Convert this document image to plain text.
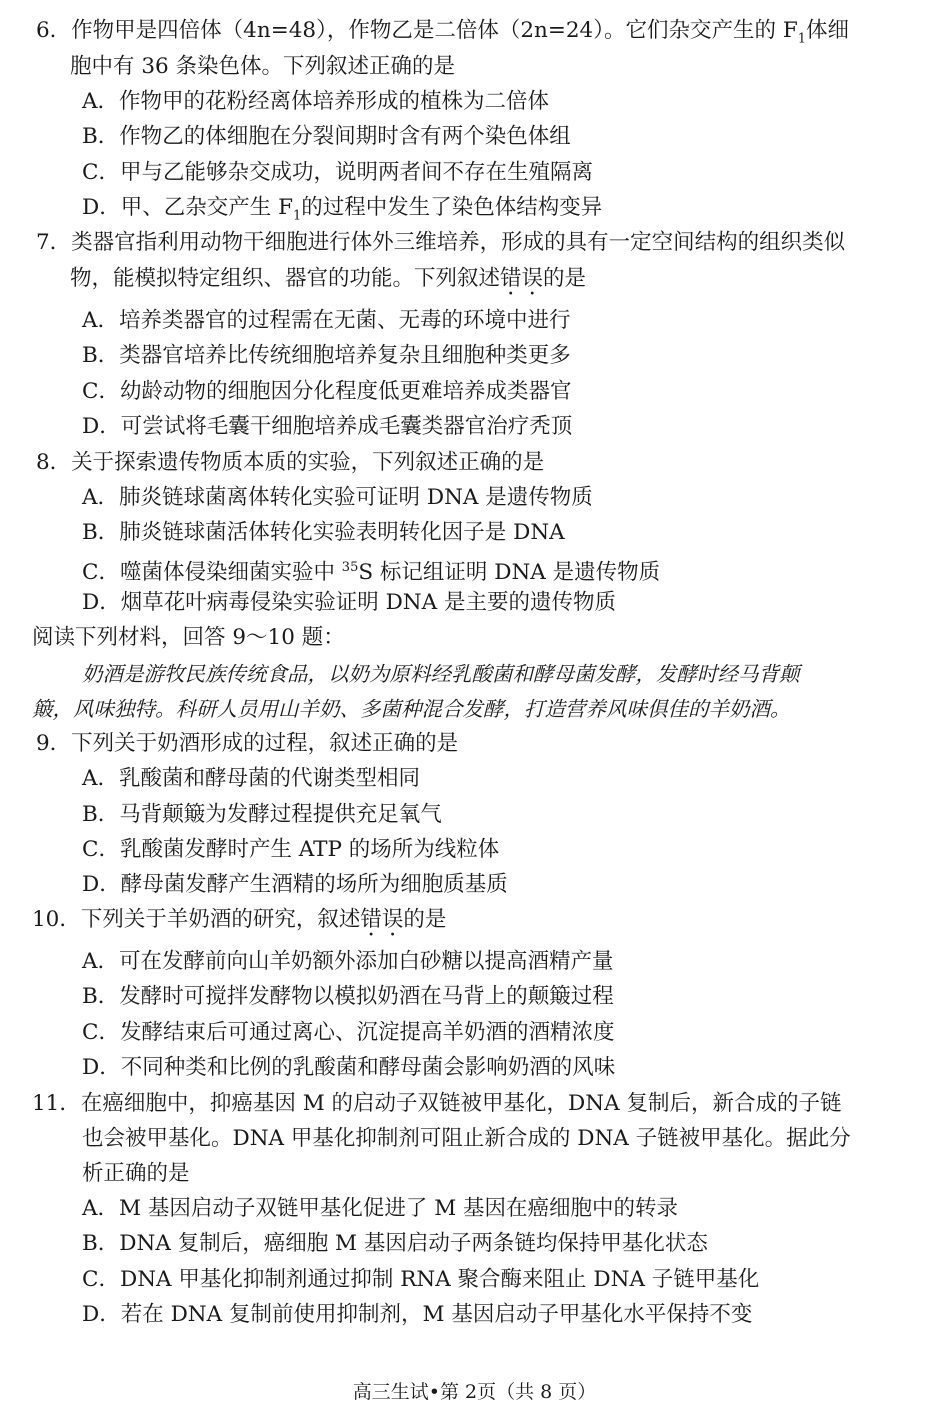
6．作物甲是四倍体（4n=48），作物乙是二倍体（2n=24）。它们杂交产生的 $F_1$体细
胞中有 36 条染色体。下列叙述正确的是
A．作物甲的花粉经离体培养形成的植株为二倍体
B．作物乙的体细胞在分裂间期时含有两个染色体组
C．甲与乙能够杂交成功，说明两者间不存在生殖隔离
D．甲、乙杂交产生 $F_1$的过程中发生了染色体结构变异
7．类器官指利用动物干细胞进行体外三维培养，形成的具有一定空间结构的组织类似
物，能模拟特定组织、器官的功能。下列叙述错误的是
A．培养类器官的过程需在无菌、无毒的环境中进行
B．类器官培养比传统细胞培养复杂且细胞种类更多
C．幼龄动物的细胞因分化程度低更难培养成类器官
D．可尝试将毛囊干细胞培养成毛囊类器官治疗秃顶
8．关于探索遗传物质本质的实验，下列叙述正确的是
A．肺炎链球菌离体转化实验可证明 DNA 是遗传物质
B．肺炎链球菌活体转化实验表明转化因子是 DNA
C．噬菌体侵染细菌实验中 $^{35}$S 标记组证明 DNA 是遗传物质
D．烟草花叶病毒侵染实验证明 DNA 是主要的遗传物质
阅读下列材料，回答 9～10 题：
奶酒是游牧民族传统食品，以奶为原料经乳酸菌和酵母菌发酵，发酵时经马背颠
簸，风味独特。科研人员用山羊奶、多菌种混合发酵，打造营养风味俱佳的羊奶酒。
9．下列关于奶酒形成的过程，叙述正确的是
A．乳酸菌和酵母菌的代谢类型相同
B．马背颠簸为发酵过程提供充足氧气
C．乳酸菌发酵时产生 ATP 的场所为线粒体
D．酵母菌发酵产生酒精的场所为细胞质基质
10．下列关于羊奶酒的研究，叙述错误的是
A．可在发酵前向山羊奶额外添加白砂糖以提高酒精产量
B．发酵时可搅拌发酵物以模拟奶酒在马背上的颠簸过程
C．发酵结束后可通过离心、沉淀提高羊奶酒的酒精浓度
D．不同种类和比例的乳酸菌和酵母菌会影响奶酒的风味
11．在癌细胞中，抑癌基因 M 的启动子双链被甲基化，DNA 复制后，新合成的子链
也会被甲基化。DNA 甲基化抑制剂可阻止新合成的 DNA 子链被甲基化。据此分
析正确的是
A．M 基因启动子双链甲基化促进了 M 基因在癌细胞中的转录
B．DNA 复制后，癌细胞 M 基因启动子两条链均保持甲基化状态
C．DNA 甲基化抑制剂通过抑制 RNA 聚合酶来阻止 DNA 子链甲基化
D．若在 DNA 复制前使用抑制剂，M 基因启动子甲基化水平保持不变
高三生试•第 2页（共 8 页）
